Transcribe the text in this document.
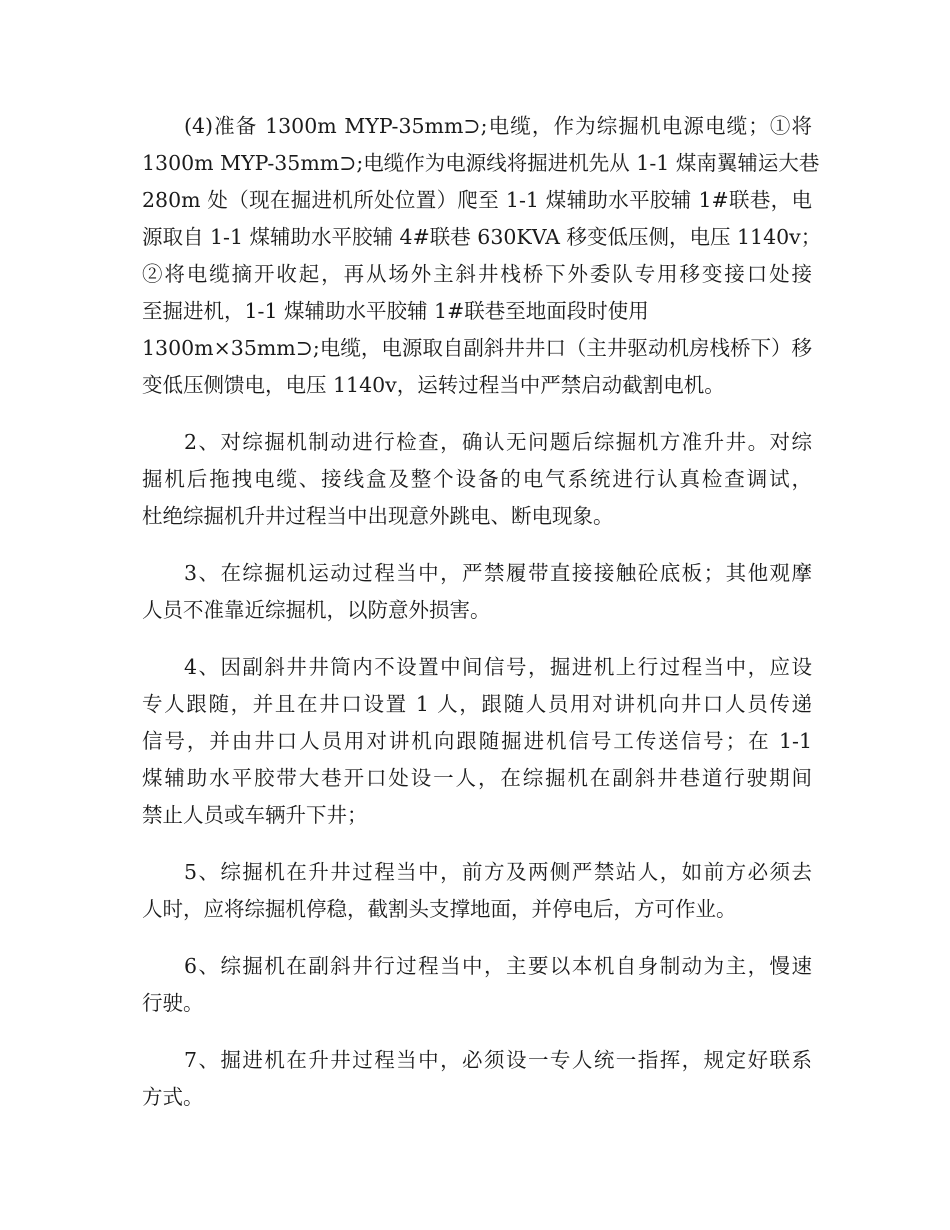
(4)准备 1300m MYP-35mm⊃;电缆，作为综掘机电源电缆；①将
1300m MYP-35mm⊃;电缆作为电源线将掘进机先从 1-1 煤南翼辅运大巷
280m 处（现在掘进机所处位置）爬至 1-1 煤辅助水平胶辅 1#联巷，电
源取自 1-1 煤辅助水平胶辅 4#联巷 630KVA 移变低压侧，电压 1140v；
②将电缆摘开收起，再从场外主斜井栈桥下外委队专用移变接口处接
至掘进机，1-1 煤辅助水平胶辅 1#联巷至地面段时使用
1300m×35mm⊃;电缆，电源取自副斜井井口（主井驱动机房栈桥下）移
变低压侧馈电，电压 1140v，运转过程当中严禁启动截割电机。

2、对综掘机制动进行检查，确认无问题后综掘机方准升井。对综
掘机后拖拽电缆、接线盒及整个设备的电气系统进行认真检查调试，
杜绝综掘机升井过程当中出现意外跳电、断电现象。

3、在综掘机运动过程当中，严禁履带直接接触砼底板；其他观摩
人员不准靠近综掘机，以防意外损害。

4、因副斜井井筒内不设置中间信号，掘进机上行过程当中，应设
专人跟随，并且在井口设置 1 人，跟随人员用对讲机向井口人员传递
信号，并由井口人员用对讲机向跟随掘进机信号工传送信号；在 1-1
煤辅助水平胶带大巷开口处设一人，在综掘机在副斜井巷道行驶期间
禁止人员或车辆升下井；

5、综掘机在升井过程当中，前方及两侧严禁站人，如前方必须去
人时，应将综掘机停稳，截割头支撑地面，并停电后，方可作业。

6、综掘机在副斜井行过程当中，主要以本机自身制动为主，慢速
行驶。

7、掘进机在升井过程当中，必须设一专人统一指挥，规定好联系
方式。
